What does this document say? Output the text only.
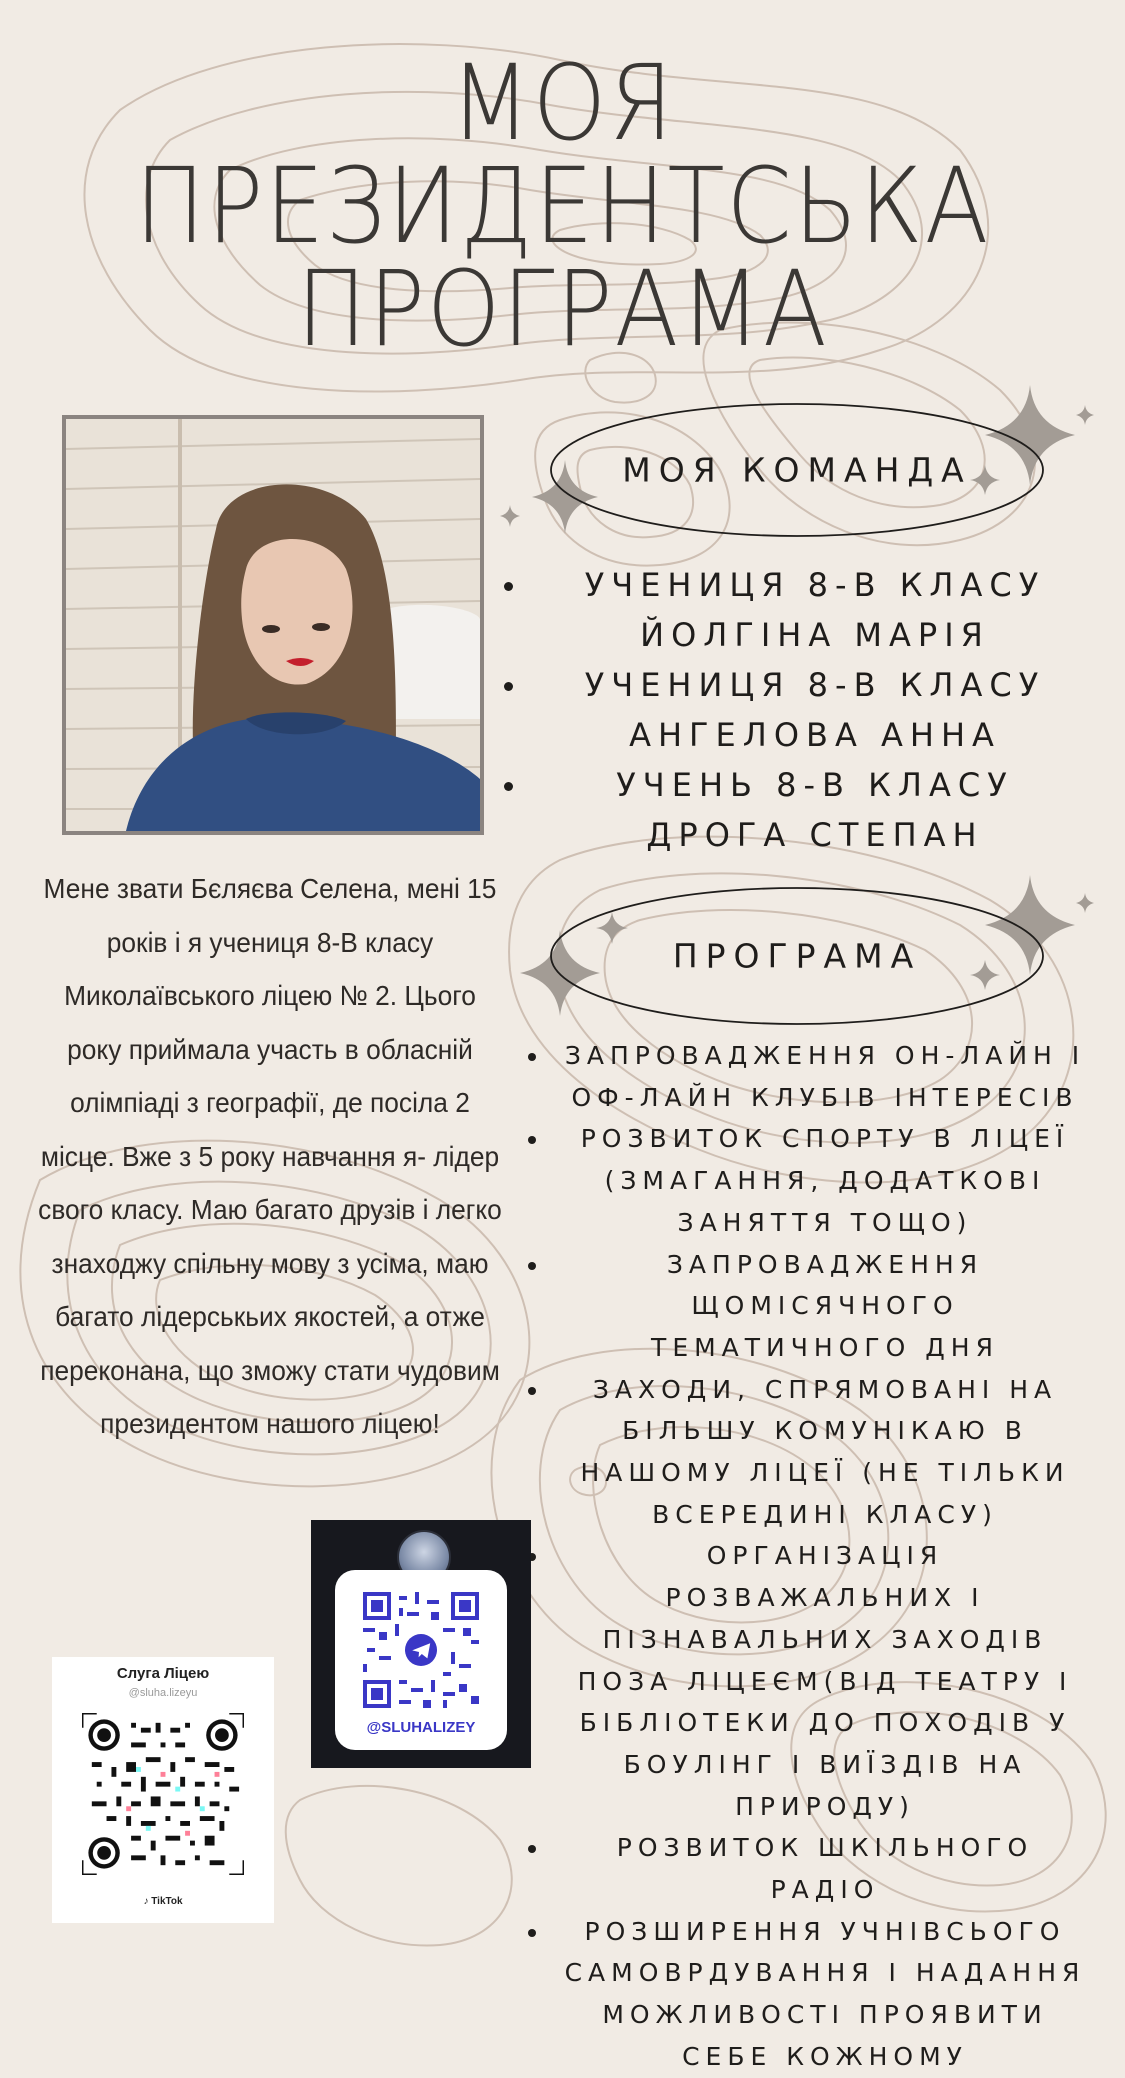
МОЯ
ПРЕЗИДЕНТСЬКА
ПРОГРАМА
МОЯ КОМАНДА
УЧЕНИЦЯ 8-В КЛАСУ ЙОЛГІНА МАРІЯ
УЧЕНИЦЯ 8-В КЛАСУ АНГЕЛОВА АННА
УЧЕНЬ 8-В КЛАСУ ДРОГА СТЕПАН
Мене звати Бєляєва Селена, мені 15 років і я учениця 8-В класу Миколаївського ліцею № 2. Цього року приймала участь в обласній олімпіаді з географії, де посіла 2 місце. Вже з 5 року навчання я- лідер свого класу. Маю багато друзів і легко знаходжу спільну мову з усіма, маю багато лідерськьих якостей, а отже переконана, що зможу стати чудовим президентом нашого ліцею!
ПРОГРАМА
ЗАПРОВАДЖЕННЯ ОН-ЛАЙН І ОФ-ЛАЙН КЛУБІВ ІНТЕРЕСІВ
РОЗВИТОК СПОРТУ В ЛІЦЕЇ (ЗМАГАННЯ, ДОДАТКОВІ ЗАНЯТТЯ ТОЩО)
ЗАПРОВАДЖЕННЯ ЩОМІСЯЧНОГО ТЕМАТИЧНОГО ДНЯ
ЗАХОДИ, СПРЯМОВАНІ НА БІЛЬШУ КОМУНІКАЮ В НАШОМУ ЛІЦЕЇ (НЕ ТІЛЬКИ ВСЕРЕДИНІ КЛАСУ)
ОРГАНІЗАЦІЯ РОЗВАЖАЛЬНИХ І ПІЗНАВАЛЬНИХ ЗАХОДІВ ПОЗА ЛІЦЕЄМ(ВІД ТЕАТРУ І БІБЛІОТЕКИ ДО ПОХОДІВ У БОУЛІНГ І ВИЇЗДІВ НА ПРИРОДУ)
РОЗВИТОК ШКІЛЬНОГО РАДІО
РОЗШИРЕННЯ УЧНІВСЬОГО САМОВРДУВАННЯ І НАДАННЯ МОЖЛИВОСТІ ПРОЯВИТИ СЕБЕ КОЖНОМУ
@SLUHALIZEY
Слуга Ліцею
@sluha.lizeyu
♪ TikTok
